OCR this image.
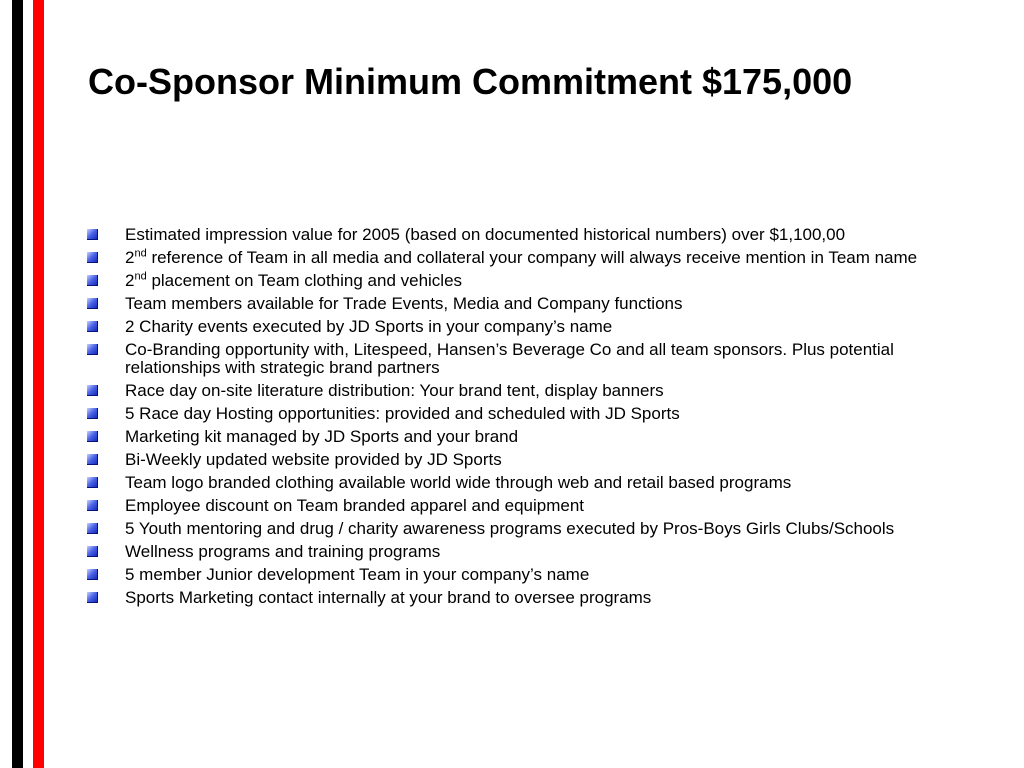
Co-Sponsor Minimum Commitment $175,000
Estimated impression value for 2005 (based on documented historical numbers) over $1,100,00
2nd reference of Team in all media and collateral your company will always receive mention in Team name
2nd placement on Team clothing and vehicles
Team members available for Trade Events, Media and Company functions
2 Charity events executed by JD Sports in your company’s name
Co-Branding opportunity with, Litespeed, Hansen’s Beverage Co and all team sponsors. Plus potential relationships with strategic brand partners
Race day on-site literature distribution: Your brand tent, display banners
5 Race day Hosting opportunities: provided and scheduled with JD Sports
Marketing kit managed by JD Sports and your brand
Bi-Weekly updated website provided by JD Sports
Team logo branded clothing available world wide through web and retail based programs
Employee discount on Team branded apparel and equipment
5 Youth mentoring and drug / charity awareness programs executed by Pros-Boys Girls Clubs/Schools
Wellness programs and training programs
5 member Junior development Team in your company’s name
Sports Marketing contact internally at your brand to oversee programs
